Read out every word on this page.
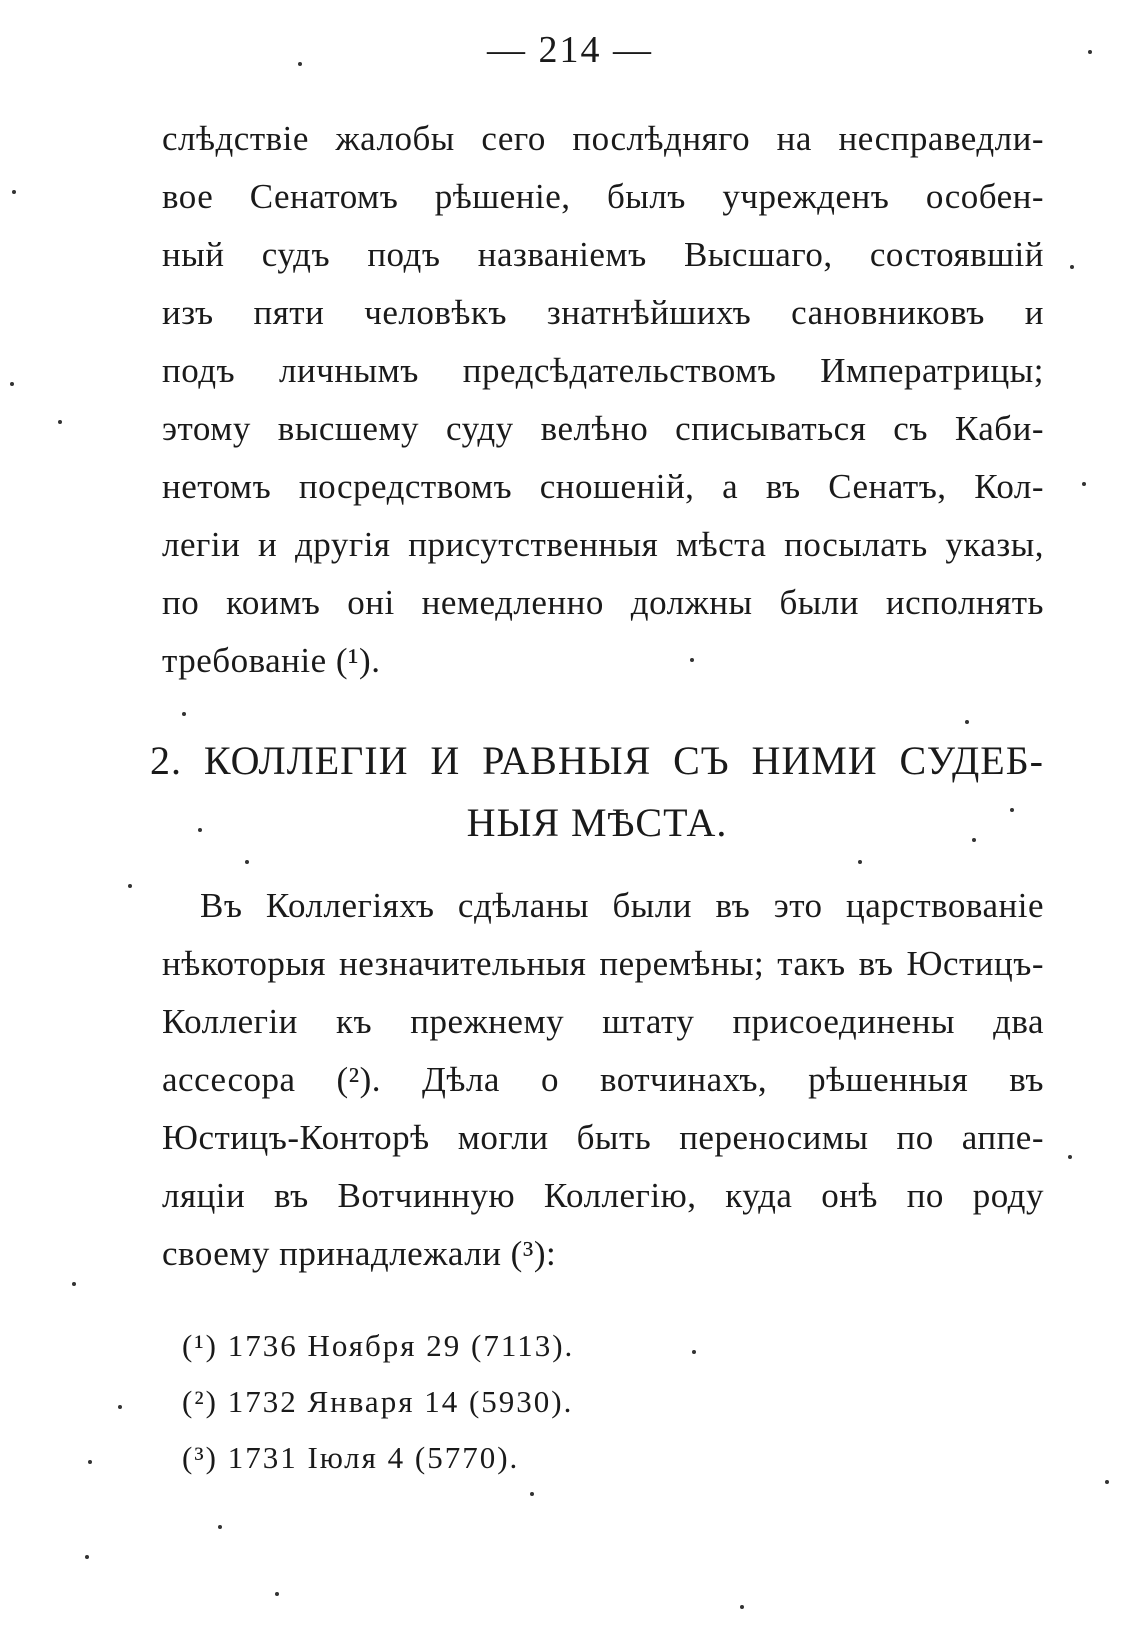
— 214 —
слѣдствіе жалобы сего послѣдняго на несправедли-
вое Сенатомъ рѣшеніе, былъ учрежденъ особен-
ный судъ подъ названіемъ Высшаго, состоявшій
изъ пяти человѣкъ знатнѣйшихъ сановниковъ и
подъ личнымъ предсѣдательствомъ Императрицы;
этому высшему суду велѣно списываться съ Каби-
нетомъ посредствомъ сношеній, а въ Сенатъ, Кол-
легіи и другія присутственныя мѣста посылать указы,
по коимъ оні немедленно должны были исполнять
требованіе (¹).
2. КОЛЛЕГІИ И РАВНЫЯ СЪ НИМИ СУДЕБ-
НЫЯ МѢСТА.
Въ Коллегіяхъ сдѣланы были въ это царствованіе
нѣкоторыя незначительныя перемѣны; такъ въ Юстицъ-
Коллегіи къ прежнему штату присоединены два
ассесора (²). Дѣла о вотчинахъ, рѣшенныя въ
Юстицъ-Конторѣ могли быть переносимы по аппе-
ляціи въ Вотчинную Коллегію, куда онѣ по роду
своему принадлежали (³):
(¹) 1736 Ноября 29 (7113).
(²) 1732 Января 14 (5930).
(³) 1731 Іюля 4 (5770).
